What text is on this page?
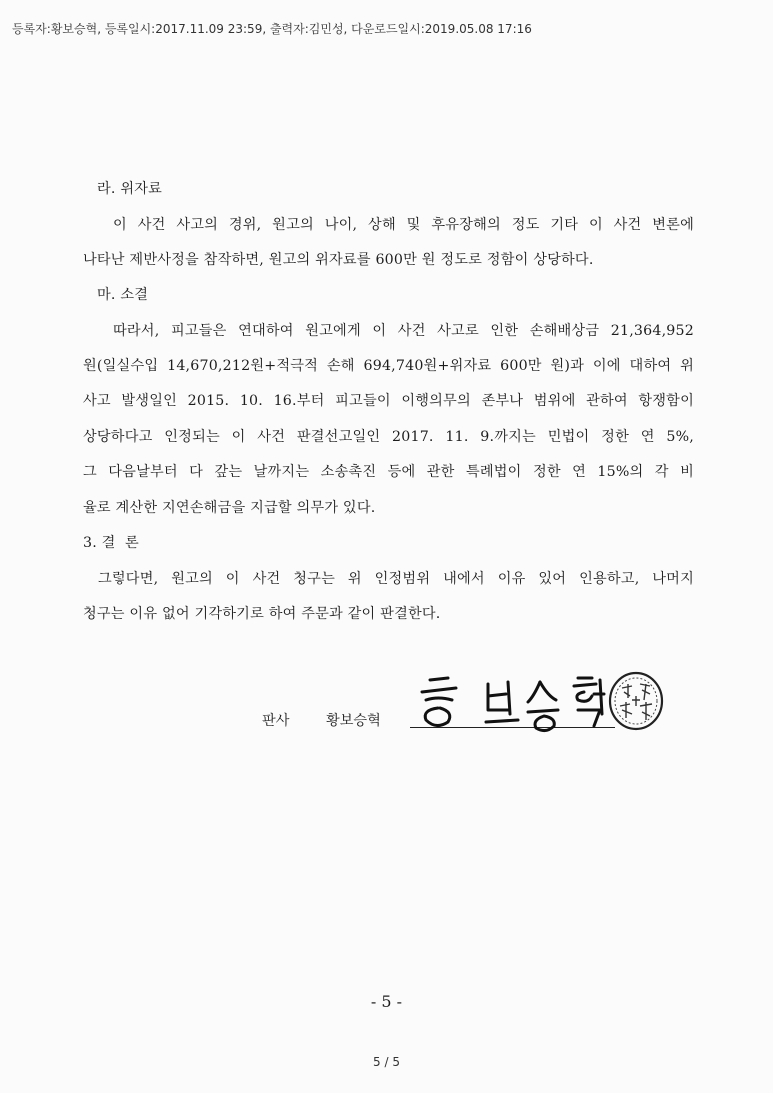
등록자:황보승혁, 등록일시:2017.11.09 23:59, 출력자:김민성, 다운로드일시:2019.05.08 17:16
라. 위자료
이 사건 사고의 경위, 원고의 나이, 상해 및 후유장해의 정도 기타 이 사건 변론에
나타난 제반사정을 참작하면, 원고의 위자료를 600만 원 정도로 정함이 상당하다.
마. 소결
따라서, 피고들은 연대하여 원고에게 이 사건 사고로 인한 손해배상금 21,364,952
원(일실수입 14,670,212원+적극적 손해 694,740원+위자료 600만 원)과 이에 대하여 위
사고 발생일인 2015. 10. 16.부터 피고들이 이행의무의 존부나 범위에 관하여 항쟁함이
상당하다고 인정되는 이 사건 판결선고일인 2017. 11. 9.까지는 민법이 정한 연 5%,
그 다음날부터 다 갚는 날까지는 소송촉진 등에 관한 특례법이 정한 연 15%의 각 비
율로 계산한 지연손해금을 지급할 의무가 있다.
3. 결  론
그렇다면, 원고의 이 사건 청구는 위 인정범위 내에서 이유 있어 인용하고, 나머지
청구는 이유 없어 기각하기로 하여 주문과 같이 판결한다.
판사	황보승혁
- 5 -
5 / 5
